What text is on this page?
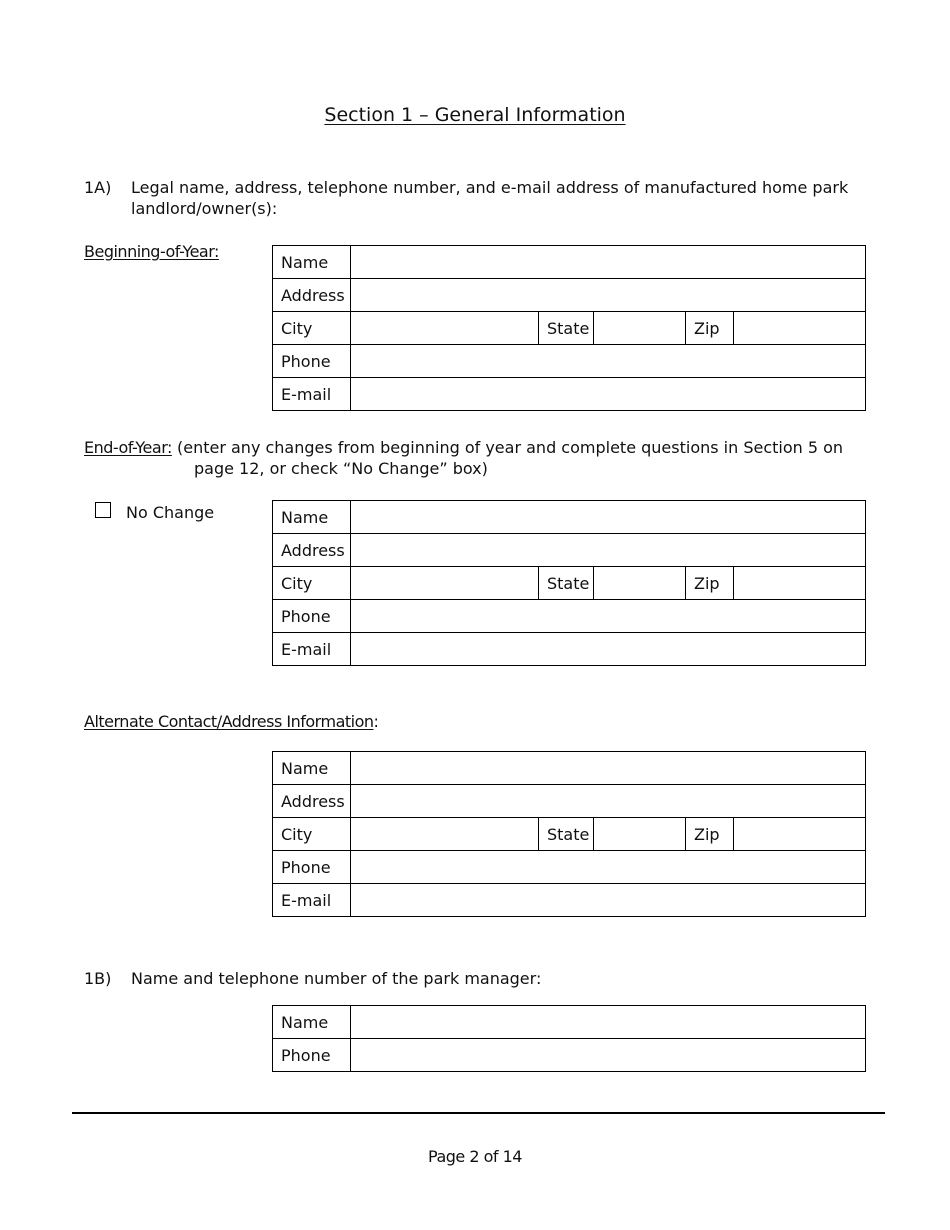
Section 1 – General Information
1A) Legal name, address, telephone number, and e-mail address of manufactured home park
landlord/owner(s):
Beginning-of-Year:
Name					
Address					
City		State		Zip	
Phone					
E-mail					
End-of-Year: (enter any changes from beginning of year and complete questions in Section 5 on
page 12, or check “No Change” box)
No Change	Name					
Address					
City		State		Zip	
Phone					
E-mail					
Alternate Contact/Address Information:
Name					
Address					
City		State		Zip	
Phone					
E-mail					
1B) Name and telephone number of the park manager:
Name	
Phone	
Page 2 of 14
